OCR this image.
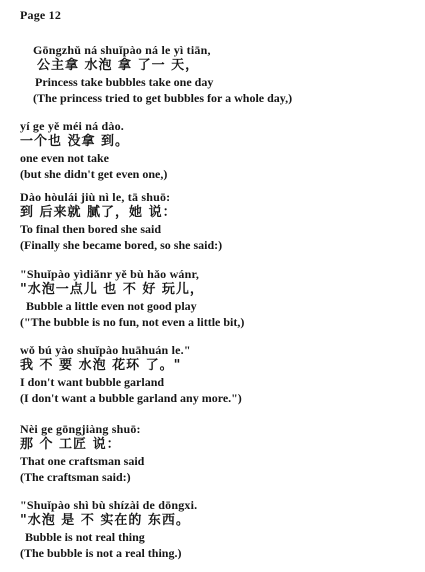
Page 12
Gōngzhǔ ná shuǐpào ná le yì tiān,
公主拿 水泡 拿 了一 天，
Princess take bubbles take one day
(The princess tried to get bubbles for a whole day,)
yí ge yě méi ná dào.
一个也 没拿 到。
one even not take
(but she didn't get even one,)
Dào hòulái jiù nì le, tā shuō:
到 后来就 腻了，她 说：
To final then bored she said
(Finally she became bored, so she said:)
"Shuǐpào yìdiǎnr yě bù hǎo wánr,
"水泡一点儿 也 不 好 玩儿，
Bubble a little even not good play
("The bubble is no fun, not even a little bit,)
wǒ bú yào shuǐpào huāhuán le."
我 不 要 水泡 花环 了。"
I don't want bubble garland
(I don't want a bubble garland any more.")
Nèi ge gōngjiàng shuō:
那 个 工匠 说：
That one craftsman said
(The craftsman said:)
"Shuǐpào shì bù shízài de dōngxi.
"水泡 是 不 实在的 东西。
Bubble is not real thing
(The bubble is not a real thing.)
